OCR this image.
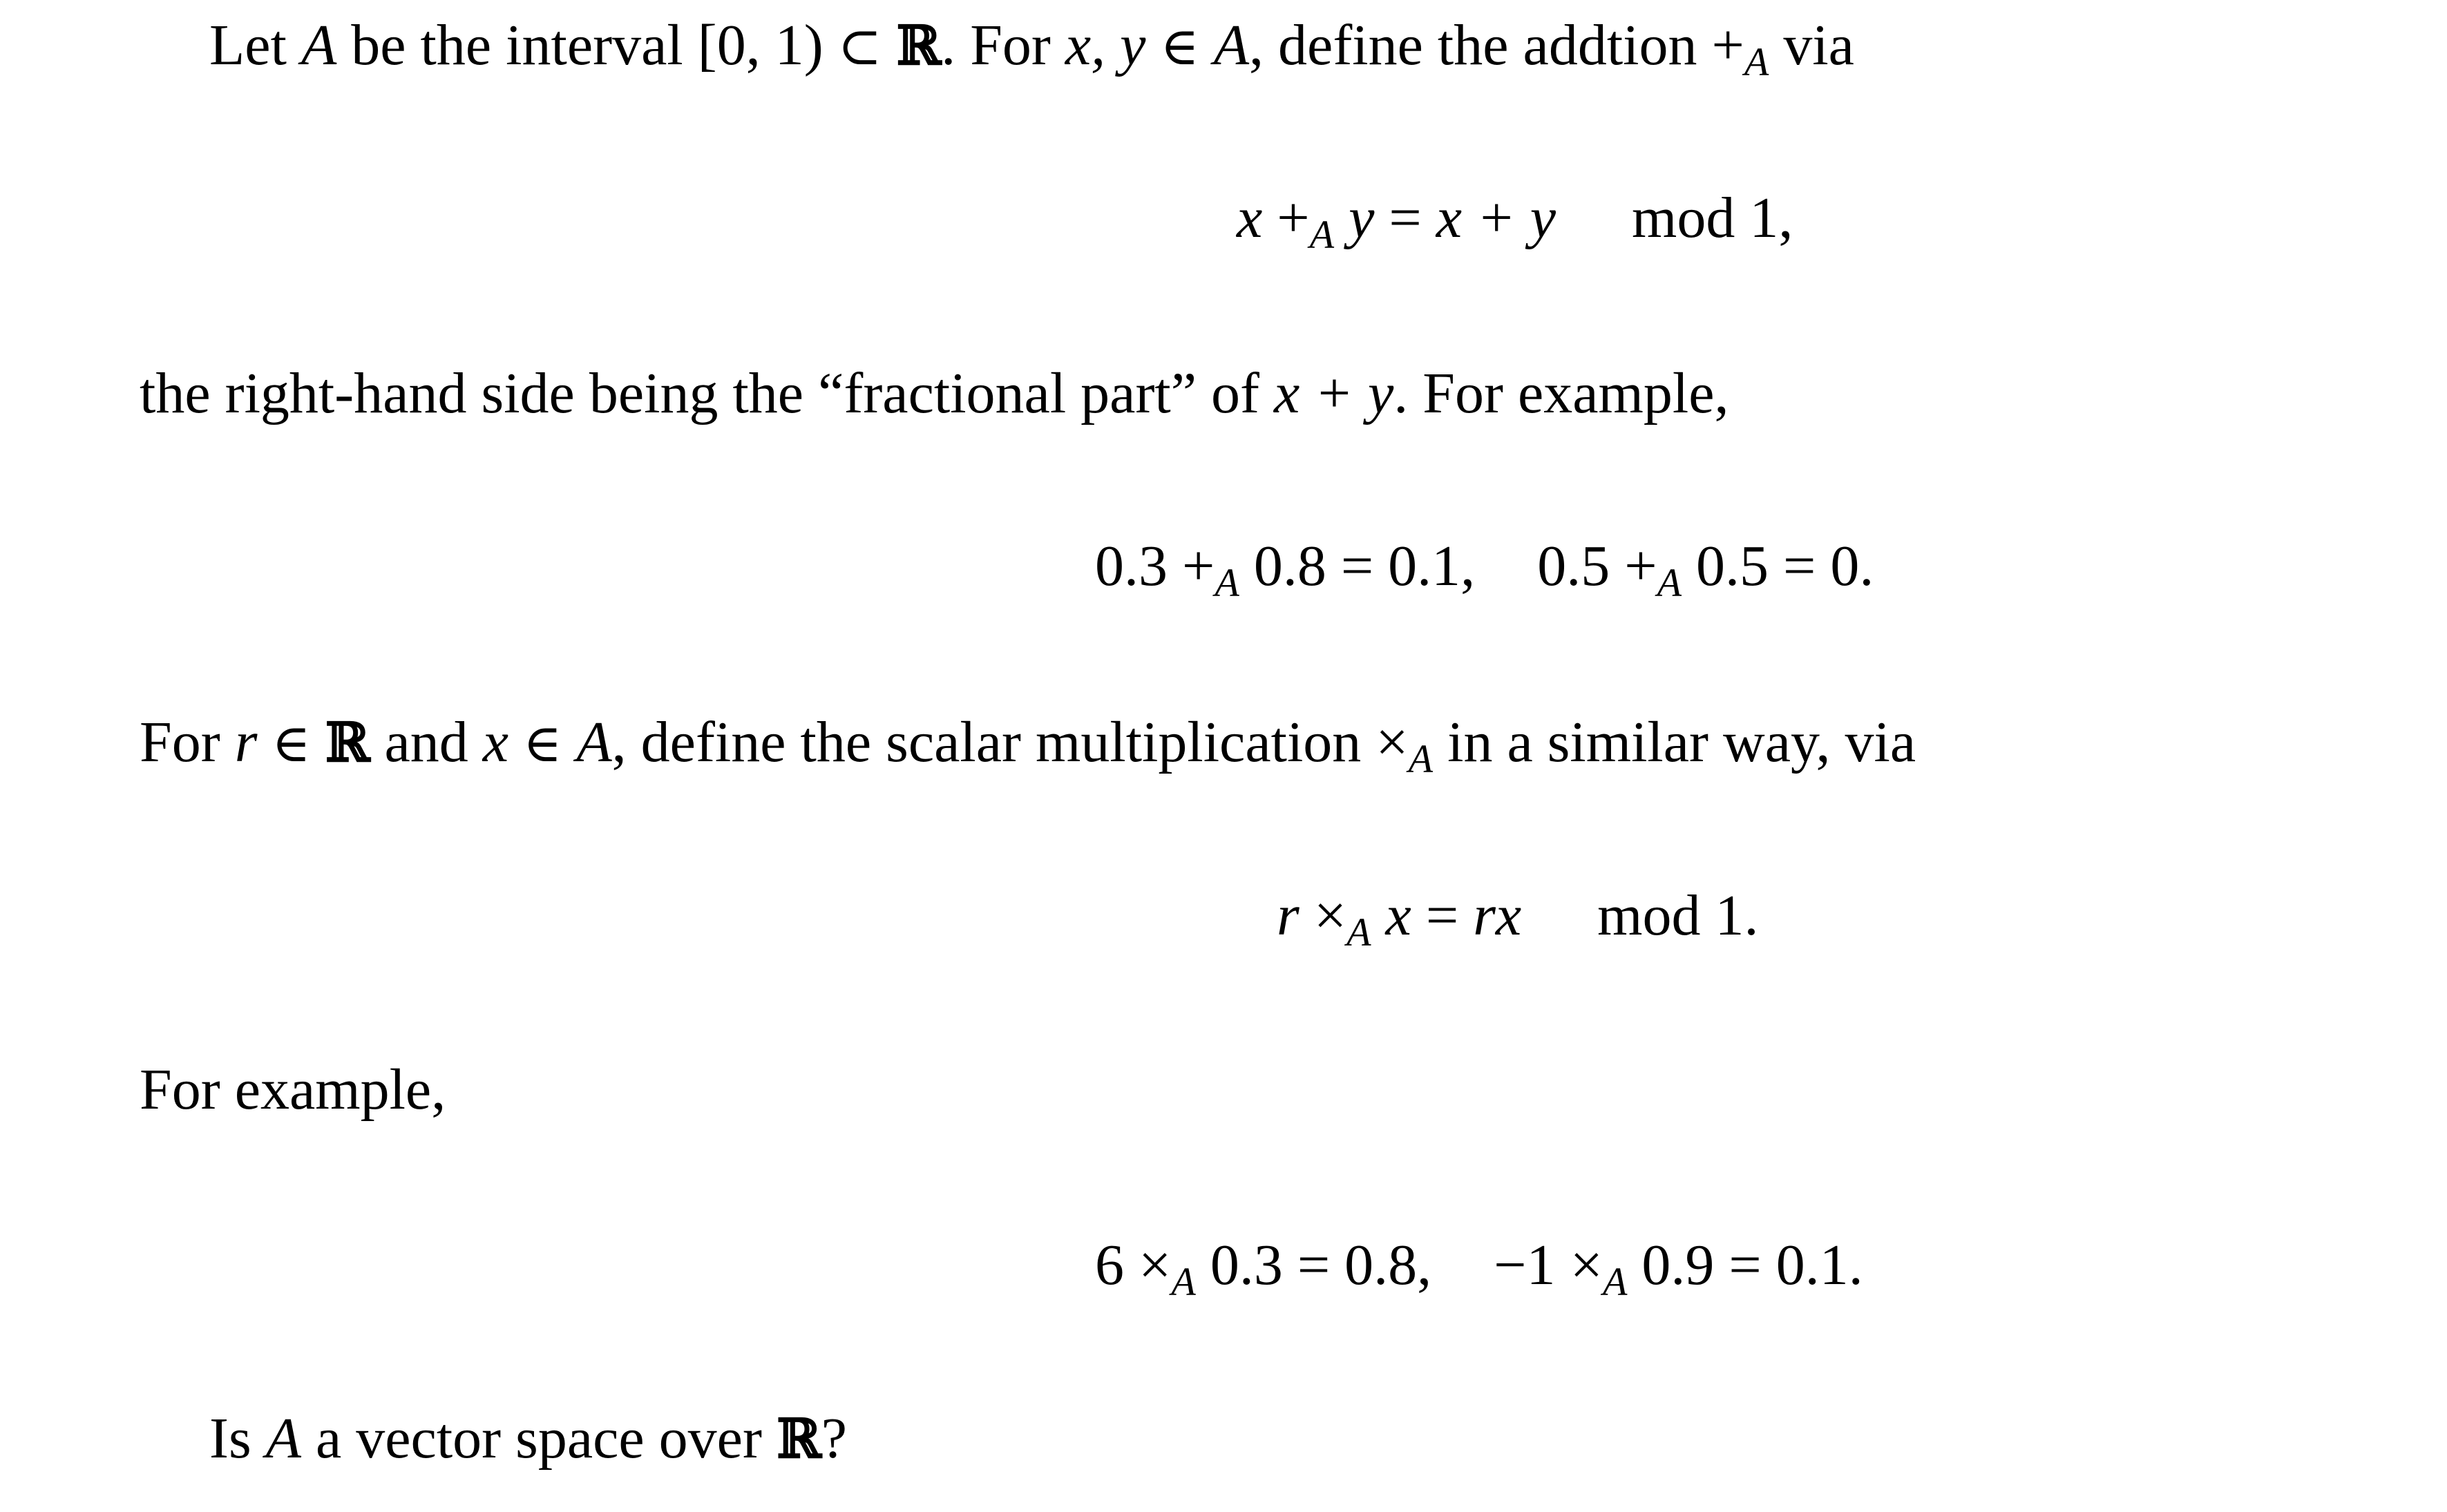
Let A be the interval [0, 1) ⊂ ℝ. For x, y ∈ A, define the addtion $+_A$ via
$x +_A$ y = x + y mod 1,
the right-hand side being the “fractional part” of x + y. For example,
$0.3 +_A$ 0.8 = 0.1, $0.5 +_A$ 0.5 = 0.
For r ∈ ℝ and x ∈ A, define the scalar multiplication $\times_A$ in a similar way, via
$r \times_A$ x = rx mod 1.
For example,
$6 \times_A$ 0.3 = 0.8, $-1 \times_A$ 0.9 = 0.1.
Is A a vector space over ℝ?
